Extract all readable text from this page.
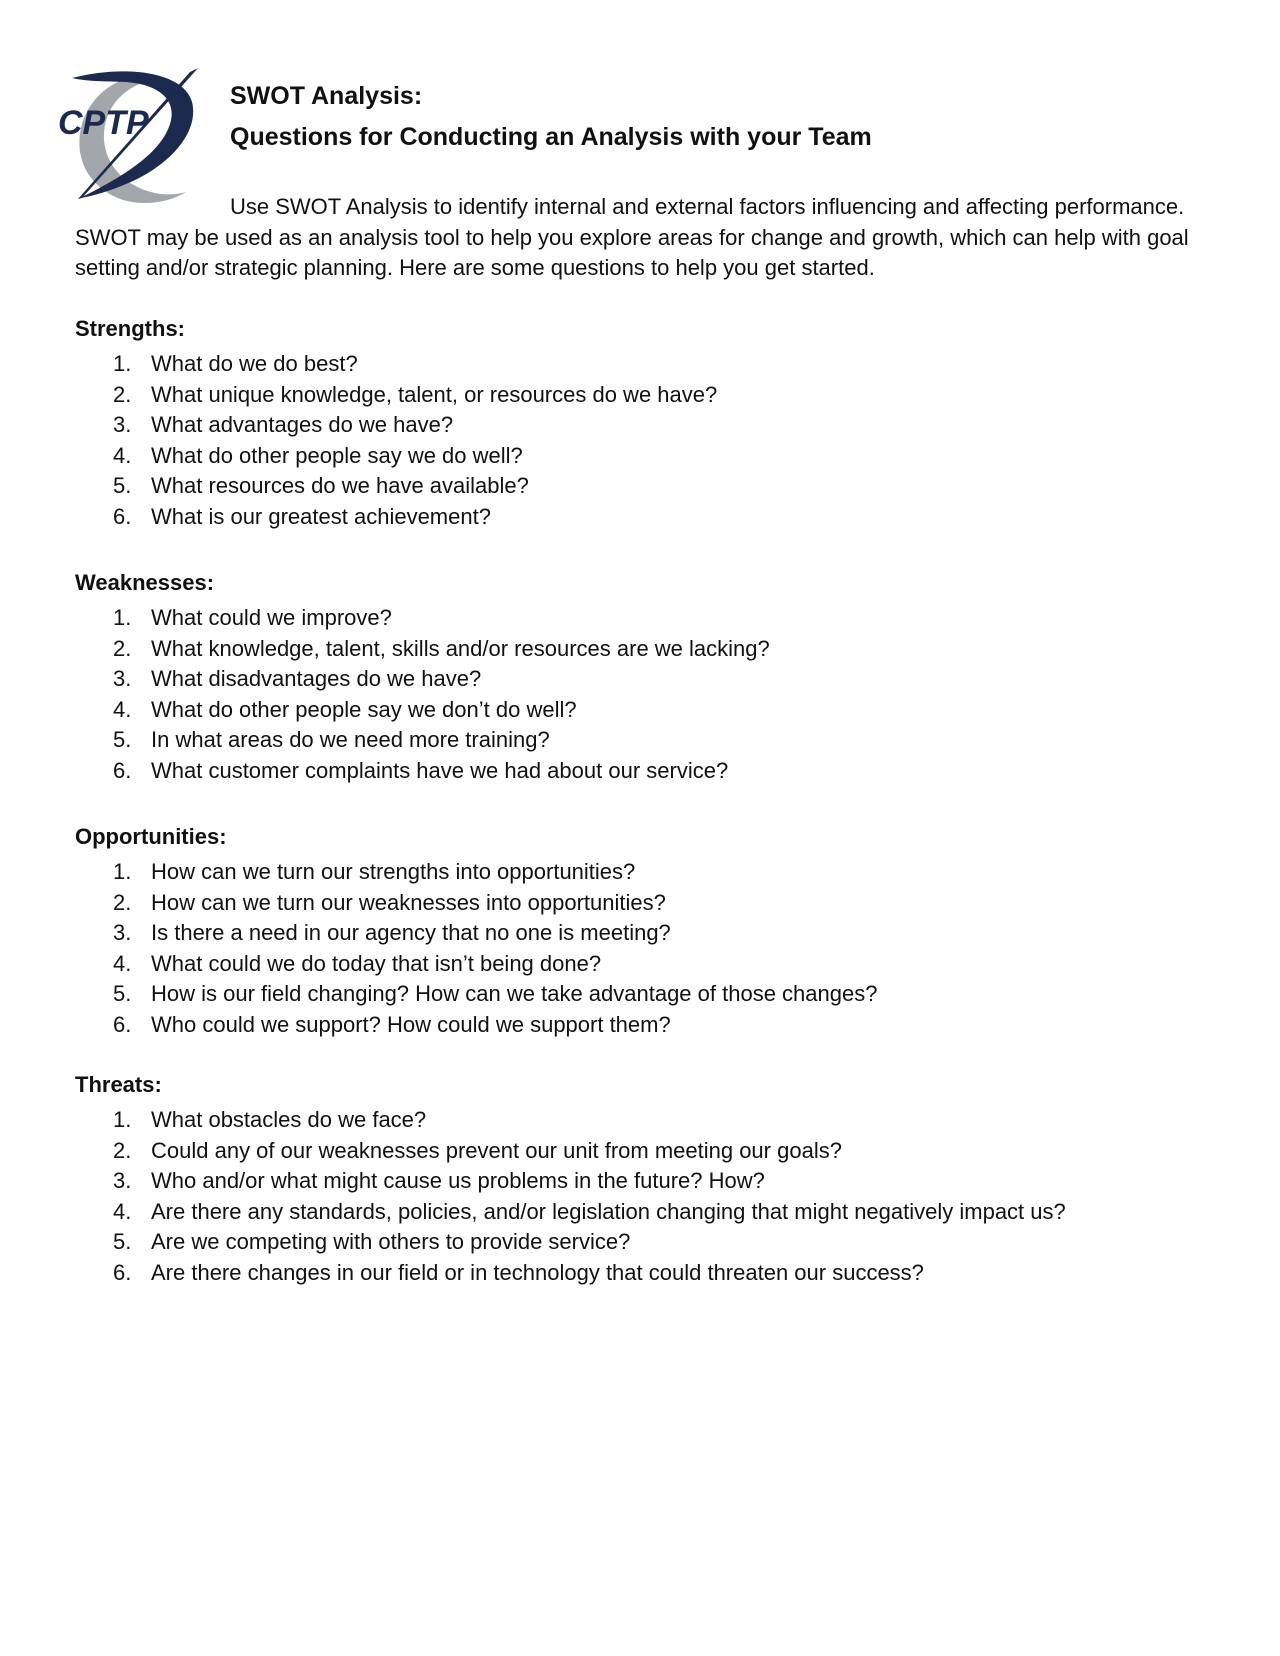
CPTP

SWOT Analysis:

Questions for Conducting an Analysis with your Team

Use SWOT Analysis to identify internal and external factors influencing and affecting performance. SWOT may be used as an analysis tool to help you explore areas for change and growth, which can help with goal setting and/or strategic planning. Here are some questions to help you get started.

Strengths:
1. What do we do best?
2. What unique knowledge, talent, or resources do we have?
3. What advantages do we have?
4. What do other people say we do well?
5. What resources do we have available?
6. What is our greatest achievement?
Weaknesses:
1. What could we improve?
2. What knowledge, talent, skills and/or resources are we lacking?
3. What disadvantages do we have?
4. What do other people say we don’t do well?
5. In what areas do we need more training?
6. What customer complaints have we had about our service?
Opportunities:
1. How can we turn our strengths into opportunities?
2. How can we turn our weaknesses into opportunities?
3. Is there a need in our agency that no one is meeting?
4. What could we do today that isn’t being done?
5. How is our field changing? How can we take advantage of those changes?
6. Who could we support? How could we support them?
Threats:
1. What obstacles do we face?
2. Could any of our weaknesses prevent our unit from meeting our goals?
3. Who and/or what might cause us problems in the future? How?
4. Are there any standards, policies, and/or legislation changing that might negatively impact us?
5. Are we competing with others to provide service?
6. Are there changes in our field or in technology that could threaten our success?
